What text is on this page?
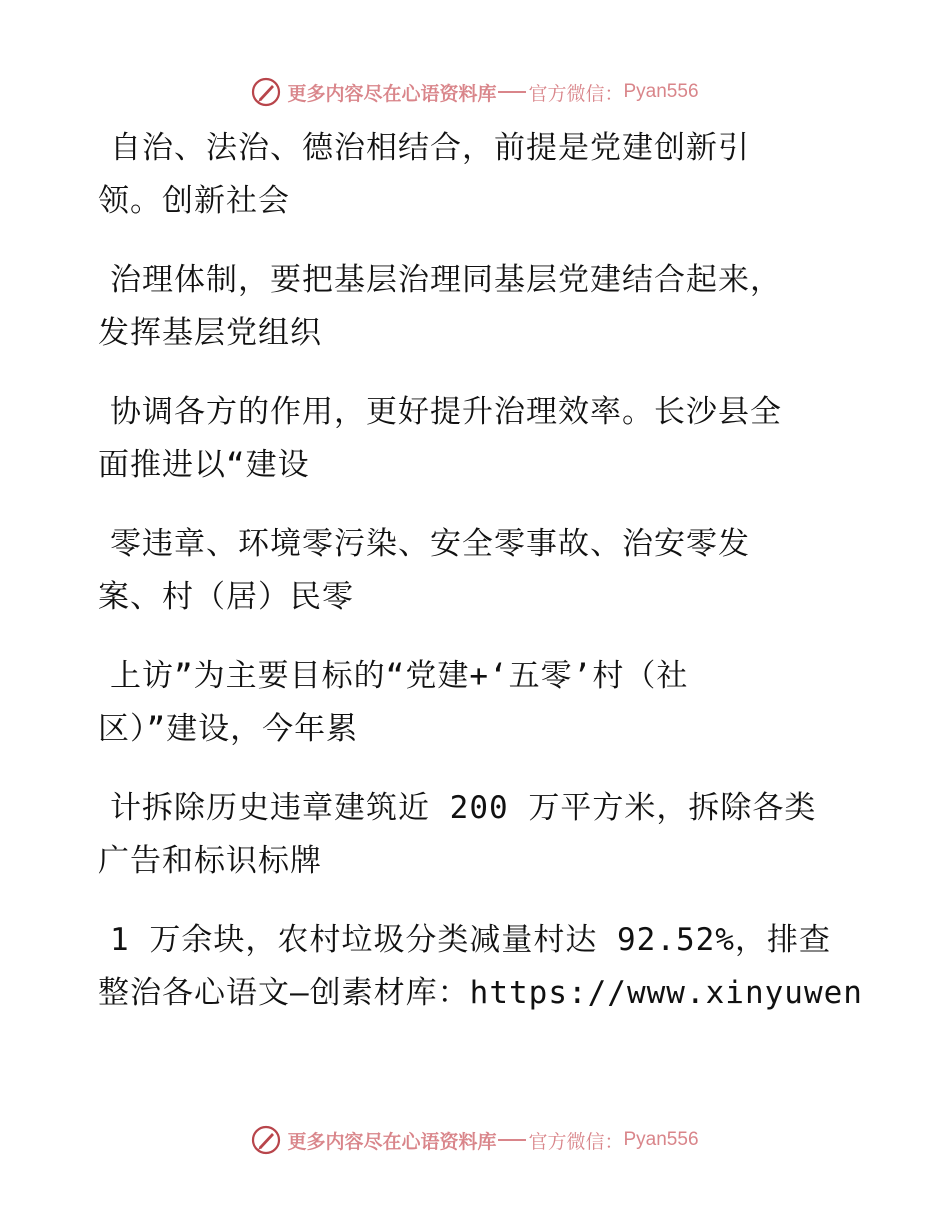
更多内容尽在心语资料库 官方微信： Pyan556
自治、法治、德治相结合，前提是党建创新引
领。创新社会
治理体制，要把基层治理同基层党建结合起来，
发挥基层党组织
协调各方的作用，更好提升治理效率。长沙县全
面推进以“建设
零违章、环境零污染、安全零事故、治安零发
案、村（居）民零
上访”为主要目标的“党建+‘五零’村（社
区）”建设，今年累
计拆除历史违章建筑近 200 万平方米，拆除各类
广告和标识标牌
1 万余块，农村垃圾分类减量村达 92.52%，排查
整治各心语文—创素材库：https://www.xinyuwen
更多内容尽在心语资料库 官方微信： Pyan556
